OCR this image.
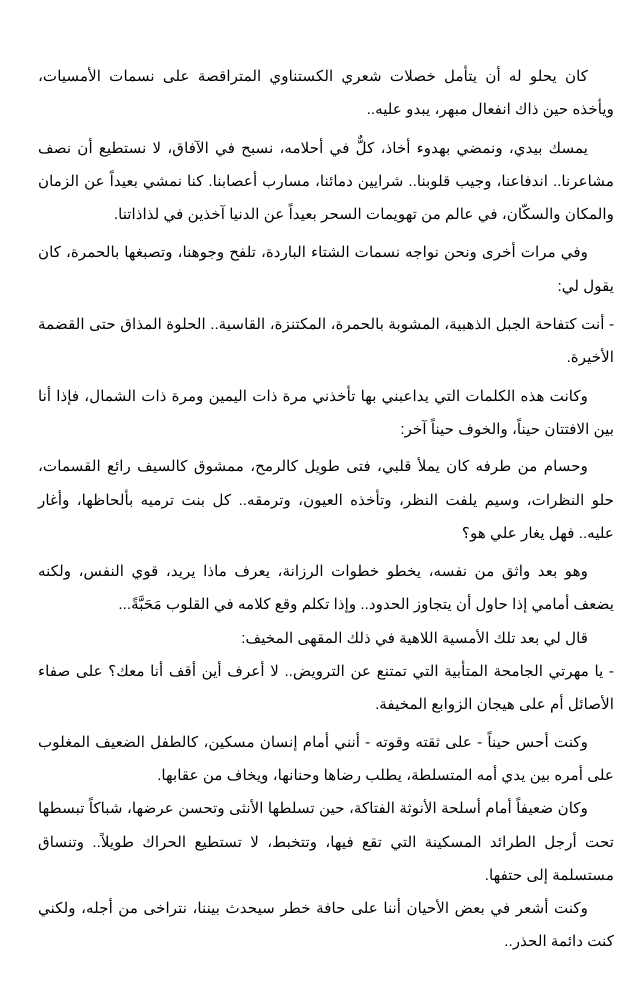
كان يحلو له أن يتأمل خصلات شعري الكستناوي المتراقصة على نسمات الأمسيات، ويأخذه حين ذاك انفعال مبهر، يبدو عليه..

يمسك بيدي، ونمضي بهدوء أخاذ، كلٌّ في أحلامه، نسبح في الآفاق، لا نستطيع أن نصف مشاعرنا.. اندفاعنا، وجيب قلوبنا.. شرايين دمائنا، مسارب أعصابنا. كنا نمشي بعيداً عن الزمان والمكان والسكّان، في عالم من تهويمات السحر بعيداً عن الدنيا آخذين في لذاذاتنا.

وفي مرات أخرى ونحن نواجه نسمات الشتاء الباردة، تلفح وجوهنا، وتصبغها بالحمرة، كان يقول لي:

- أنت كتفاحة الجبل الذهبية، المشوبة بالحمرة، المكتنزة، القاسية.. الحلوة المذاق حتى القضمة الأخيرة.

وكانت هذه الكلمات التي يداعبني بها تأخذني مرة ذات اليمين ومرة ذات الشمال، فإذا أنا بين الافتتان حيناً، والخوف حيناً آخر:

وحسام من طرفه كان يملأ قلبي، فتى طويل كالرمح، ممشوق كالسيف رائع القسمات، حلو النظرات، وسيم يلفت النظر، وتأخذه العيون، وترمقه.. كل بنت ترميه بألحاظها، وأغار عليه.. فهل يغار علي هو؟

وهو بعد واثق من نفسه، يخطو خطوات الرزانة، يعرف ماذا يريد، قوي النفس، ولكنه يضعف أمامي إذا حاول أن يتجاوز الحدود.. وإذا تكلم وقع كلامه في القلوب مَحَبَّةً...

قال لي بعد تلك الأمسية اللاهية في ذلك المقهى المخيف:

- يا مهرتي الجامحة المتأبية التي تمتنع عن الترويض.. لا أعرف أين أقف أنا معك؟ على صفاء الأصائل أم على هيجان الزوابع المخيفة.

وكنت أحس حيناً - على ثقته وقوته - أنني أمام إنسان مسكين، كالطفل الضعيف المغلوب على أمره بين يدي أمه المتسلطة، يطلب رضاها وحنانها، ويخاف من عقابها.

وكان ضعيفاً أمام أسلحة الأنوثة الفتاكة، حين تسلطها الأنثى وتحسن عرضها، شباكاً تبسطها تحت أرجل الطرائد المسكينة التي تقع فيها، وتتخبط، لا تستطيع الحراك طويلاً.. وتنساق مستسلمة إلى حتفها.

وكنت أشعر في بعض الأحيان أننا على حافة خطر سيحدث بيننا، نتراخى من أجله، ولكني كنت دائمة الحذر..
